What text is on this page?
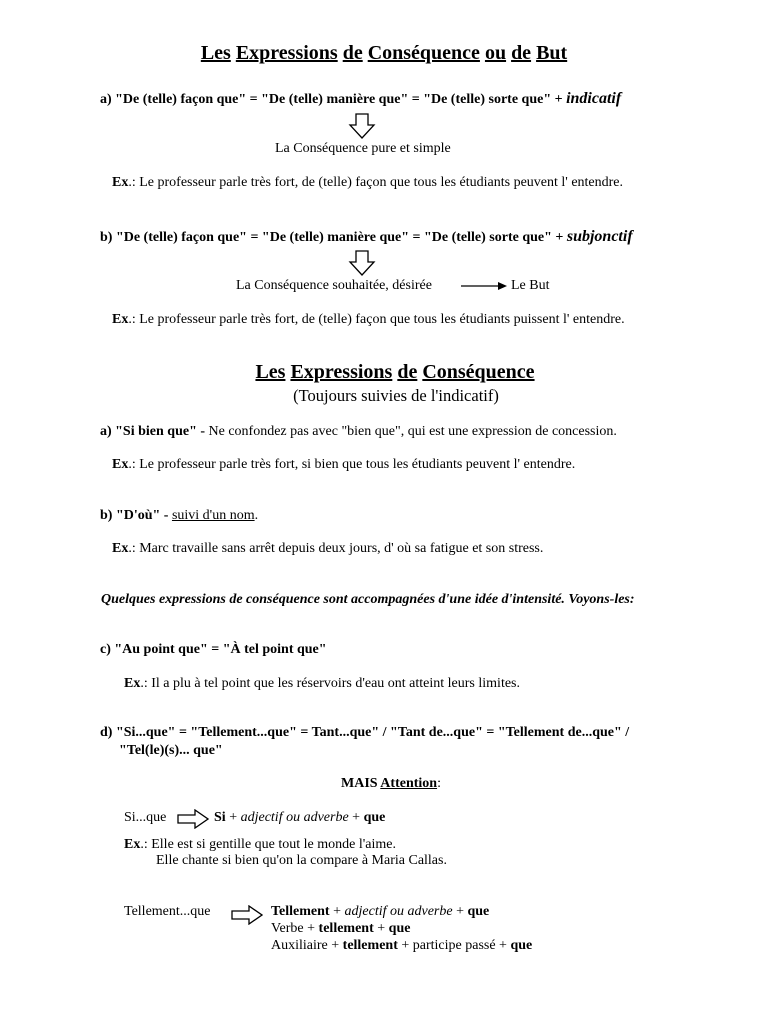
Les Expressions de Conséquence ou de But
a) "De (telle) façon que" = "De (telle) manière que" = "De (telle) sorte que" + indicatif
La Conséquence pure et simple
Ex.: Le professeur parle très fort, de (telle) façon que tous les étudiants peuvent l' entendre.
b) "De (telle) façon que" = "De (telle) manière que" = "De (telle) sorte que" + subjonctif
La Conséquence souhaitée, désirée	Le But
Ex.: Le professeur parle très fort, de (telle) façon que tous les étudiants puissent l' entendre.
Les Expressions de Conséquence
(Toujours suivies de l'indicatif)
a) "Si bien que" - Ne confondez pas avec "bien que", qui est une expression de concession.
Ex.: Le professeur parle très fort, si bien que tous les étudiants peuvent l' entendre.
b) "D'où" - suivi d'un nom.
Ex.: Marc travaille sans arrêt depuis deux jours, d' où sa fatigue et son stress.
Quelques expressions de conséquence sont accompagnées d'une idée d'intensité. Voyons-les:
c) "Au point que" = "À tel point que"
Ex.: Il a plu à tel point que les réservoirs d'eau ont atteint leurs limites.
d) "Si...que" = "Tellement...que" = Tant...que" / "Tant de...que" = "Tellement de...que" /
"Tel(le)(s)... que"
MAIS Attention:
Si...que	Si + adjectif ou adverbe + que
Ex.: Elle est si gentille que tout le monde l'aime.
Elle chante si bien qu'on la compare à Maria Callas.
Tellement...que	Tellement + adjectif ou adverbe + que
Verbe + tellement + que
Auxiliaire + tellement + participe passé + que
